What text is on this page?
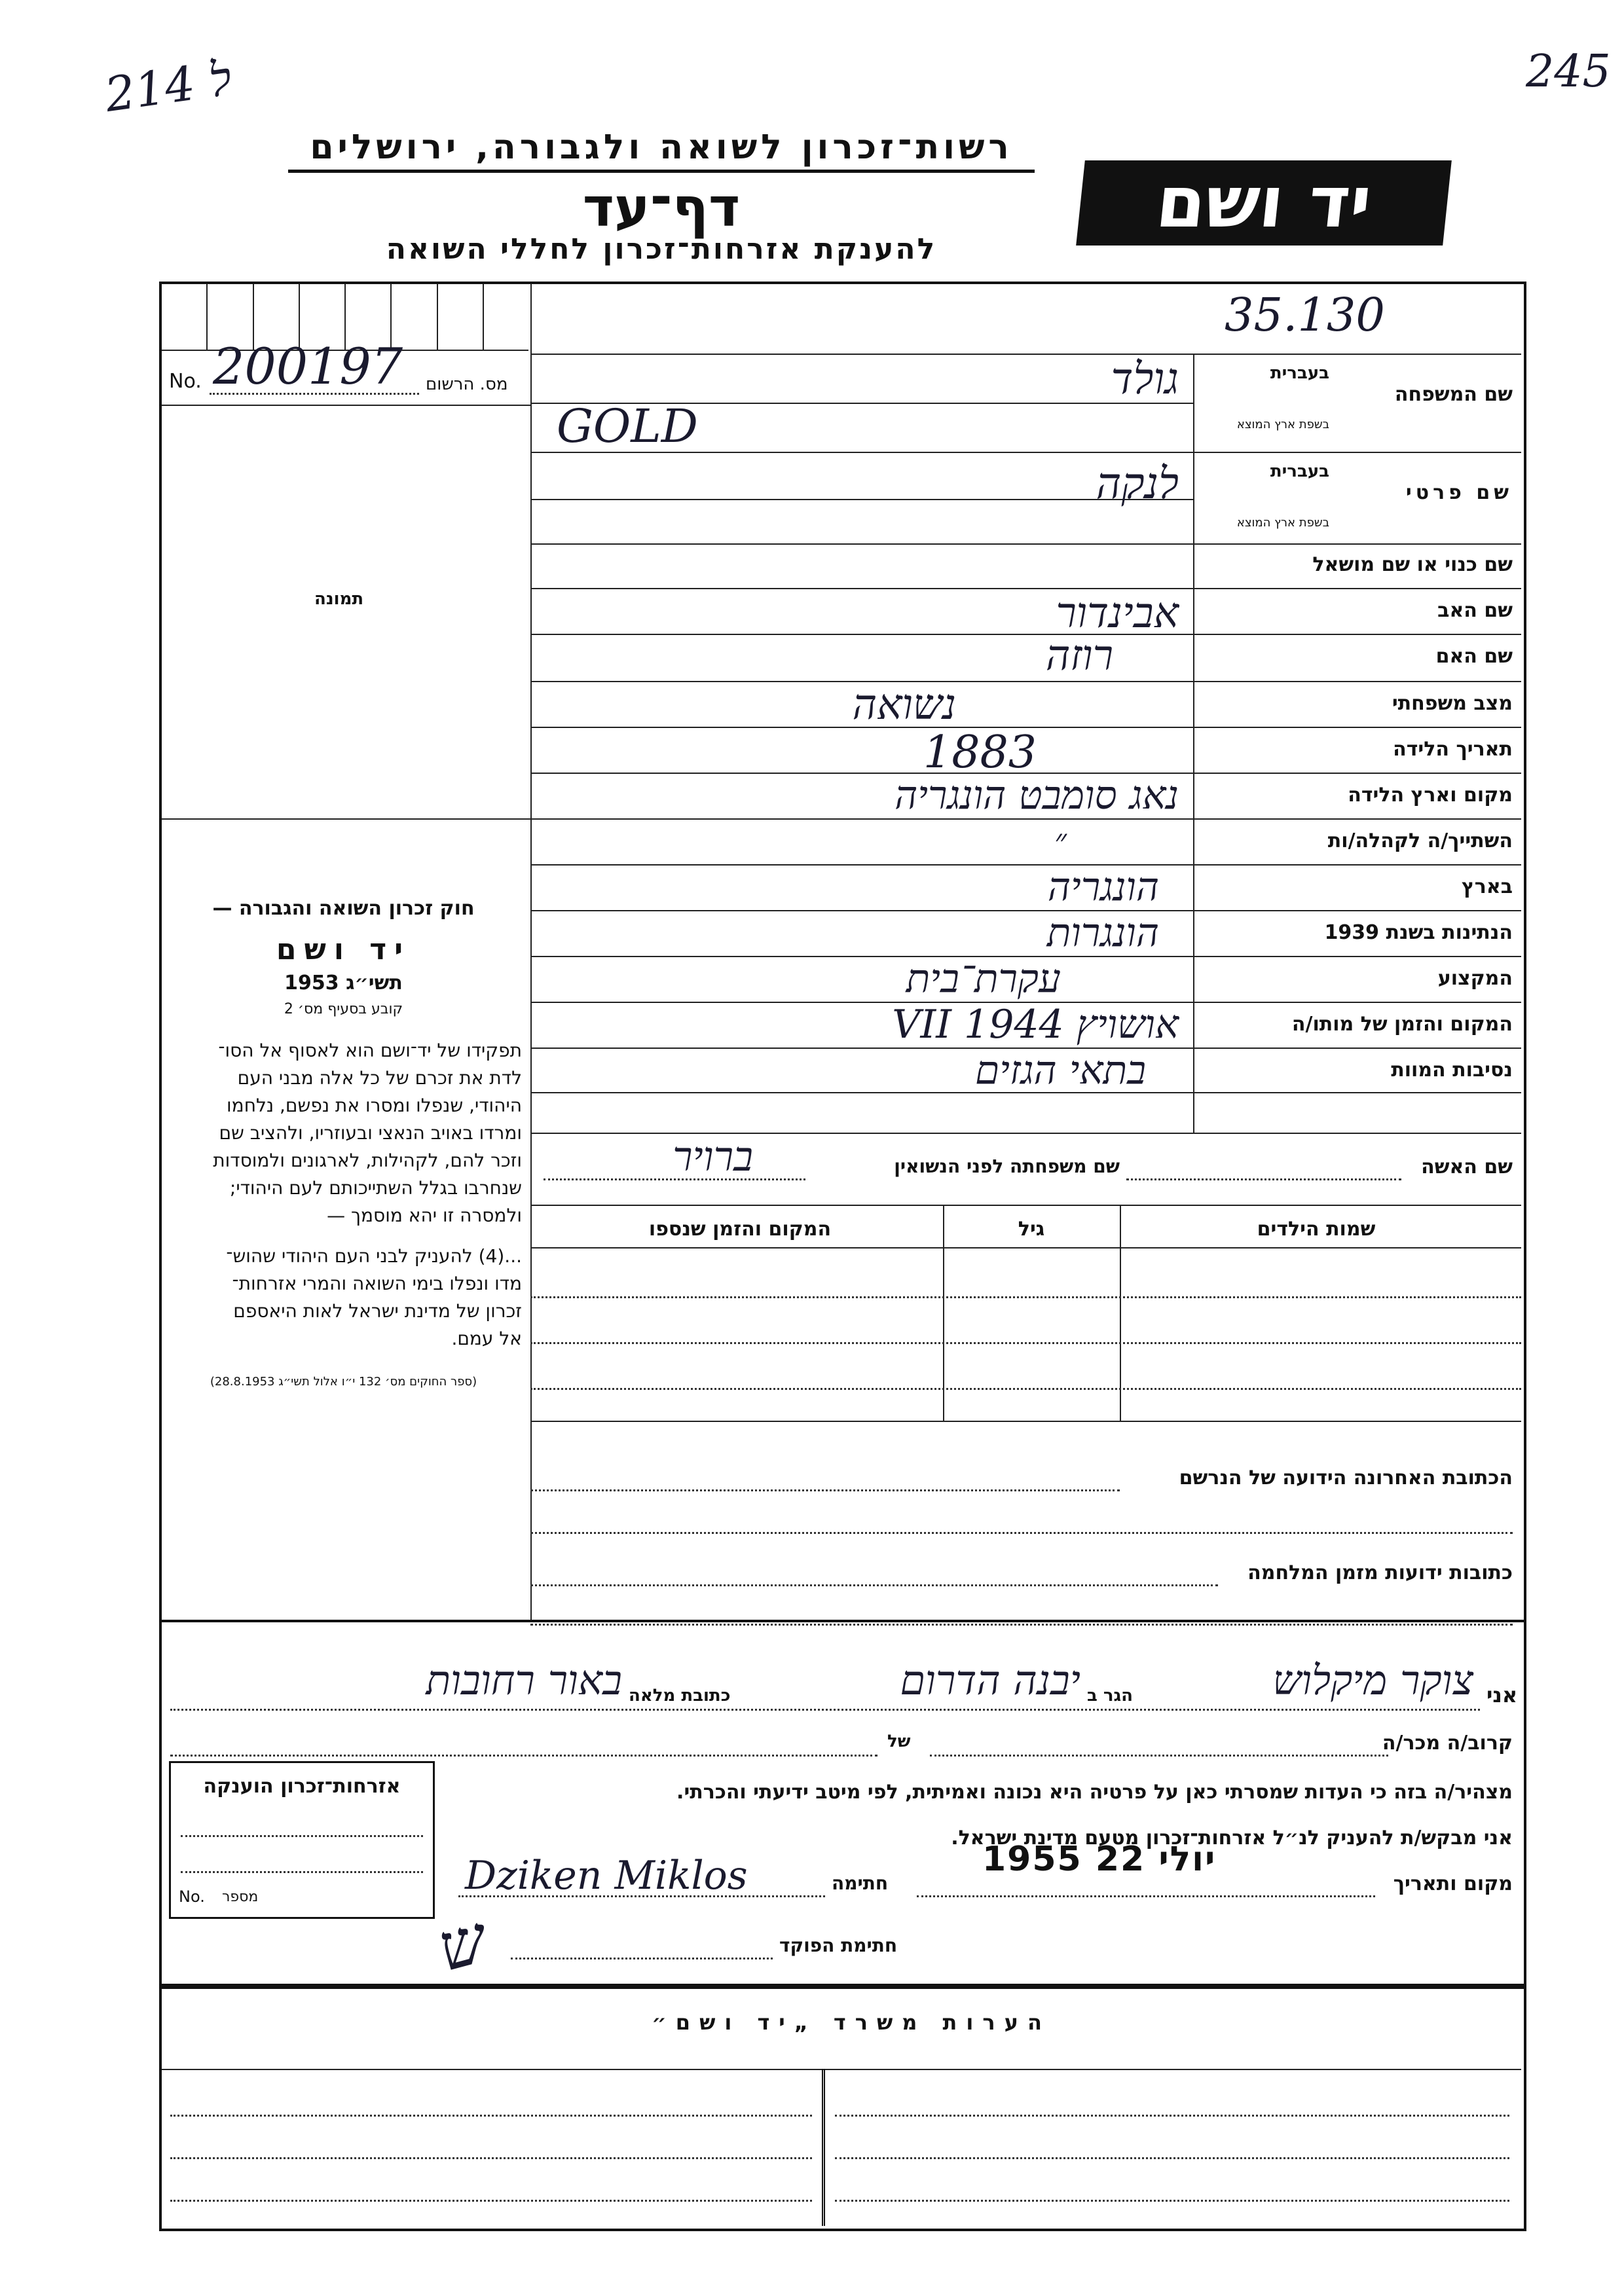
214 ל	245
רשות־זכרון לשואה ולגבורה, ירושלים
דף־עד
להענקת אזרחות־זכרון לחללי השואה
יד ושם
35.130
No. 200197 מס. הרשום
תמונה
חוק זכרון השואה והגבורה —
יד ושם
תשי״ג 1953
קובע בסעיף מס׳ 2
תפקידו של יד־ושם הוא לאסוף אל הסו־
לדת את זכרם של כל אלה מבני העם
היהודי, שנפלו ומסרו את נפשם, נלחמו
ומרדו באויב הנאצי ובעוזריו, ולהציב שם
וזכר להם, לקהילות, לארגונים ולמוסדות
שנחרבו בגלל השתייכותם לעם היהודי;
ולמסרה זו יהא מוסמך —
...(4) להעניק לבני העם היהודי שהוש־
מדו ונפלו בימי השואה והמרי אזרחות־
זכרון של מדינת ישראל לאות היאספם
אל עמם.
(ספר החוקים מס׳ 132 י״ו אלול תשי״ג 28.8.1953)
שם המשפחה
בעברית
בשפת ארץ המוצא
גולד
GOLD
שם פרטי
בעברית
בשפת ארץ המוצא
לנקה
שם כנוי או שם מושאל
שם האב
אבינדור
שם האם
רוזה
מצב משפחתי
נשואה
תאריך הלידה
1883
מקום וארץ הלידה
נאג סומבט הונגריה
השתייך/ה לקהלה/ות
״
בארץ
הונגריה
הנתינות בשנת 1939
הונגרות
המקצוע
עקרת־בית
המקום והזמן של מותו/ה
אושויץ 1944 VII
נסיבות המוות
בתאי הגזים
שם האשה
שם משפחתה לפני הנשואין
ברויר
שמות הילדים
גיל
המקום והזמן שנספו
הכתובת האחרונה הידועה של הנרשם
כתובות ידועות מזמן המלחמה
אני
צוקר מיקלוש
הגר ב
יבנה הדרום
כתובת מלאה
באור רחובות
קרוב/ה מכר/ה
של
מצהיר/ה בזה כי העדות שמסרתי כאן על פרטיה היא נכונה ואמיתית, לפי מיטב ידיעתי והכרתי.
אני מבקש/ת להעניק לנ״ל אזרחות־זכרון מטעם מדינת ישראל.
מקום ותאריך
1955 יולי 22
חתימה
Dziken Miklos
חתימת הפוקד
ש
אזרחות־זכרון הוענקה
No. מספר
הערות משרד „יד ושם״
